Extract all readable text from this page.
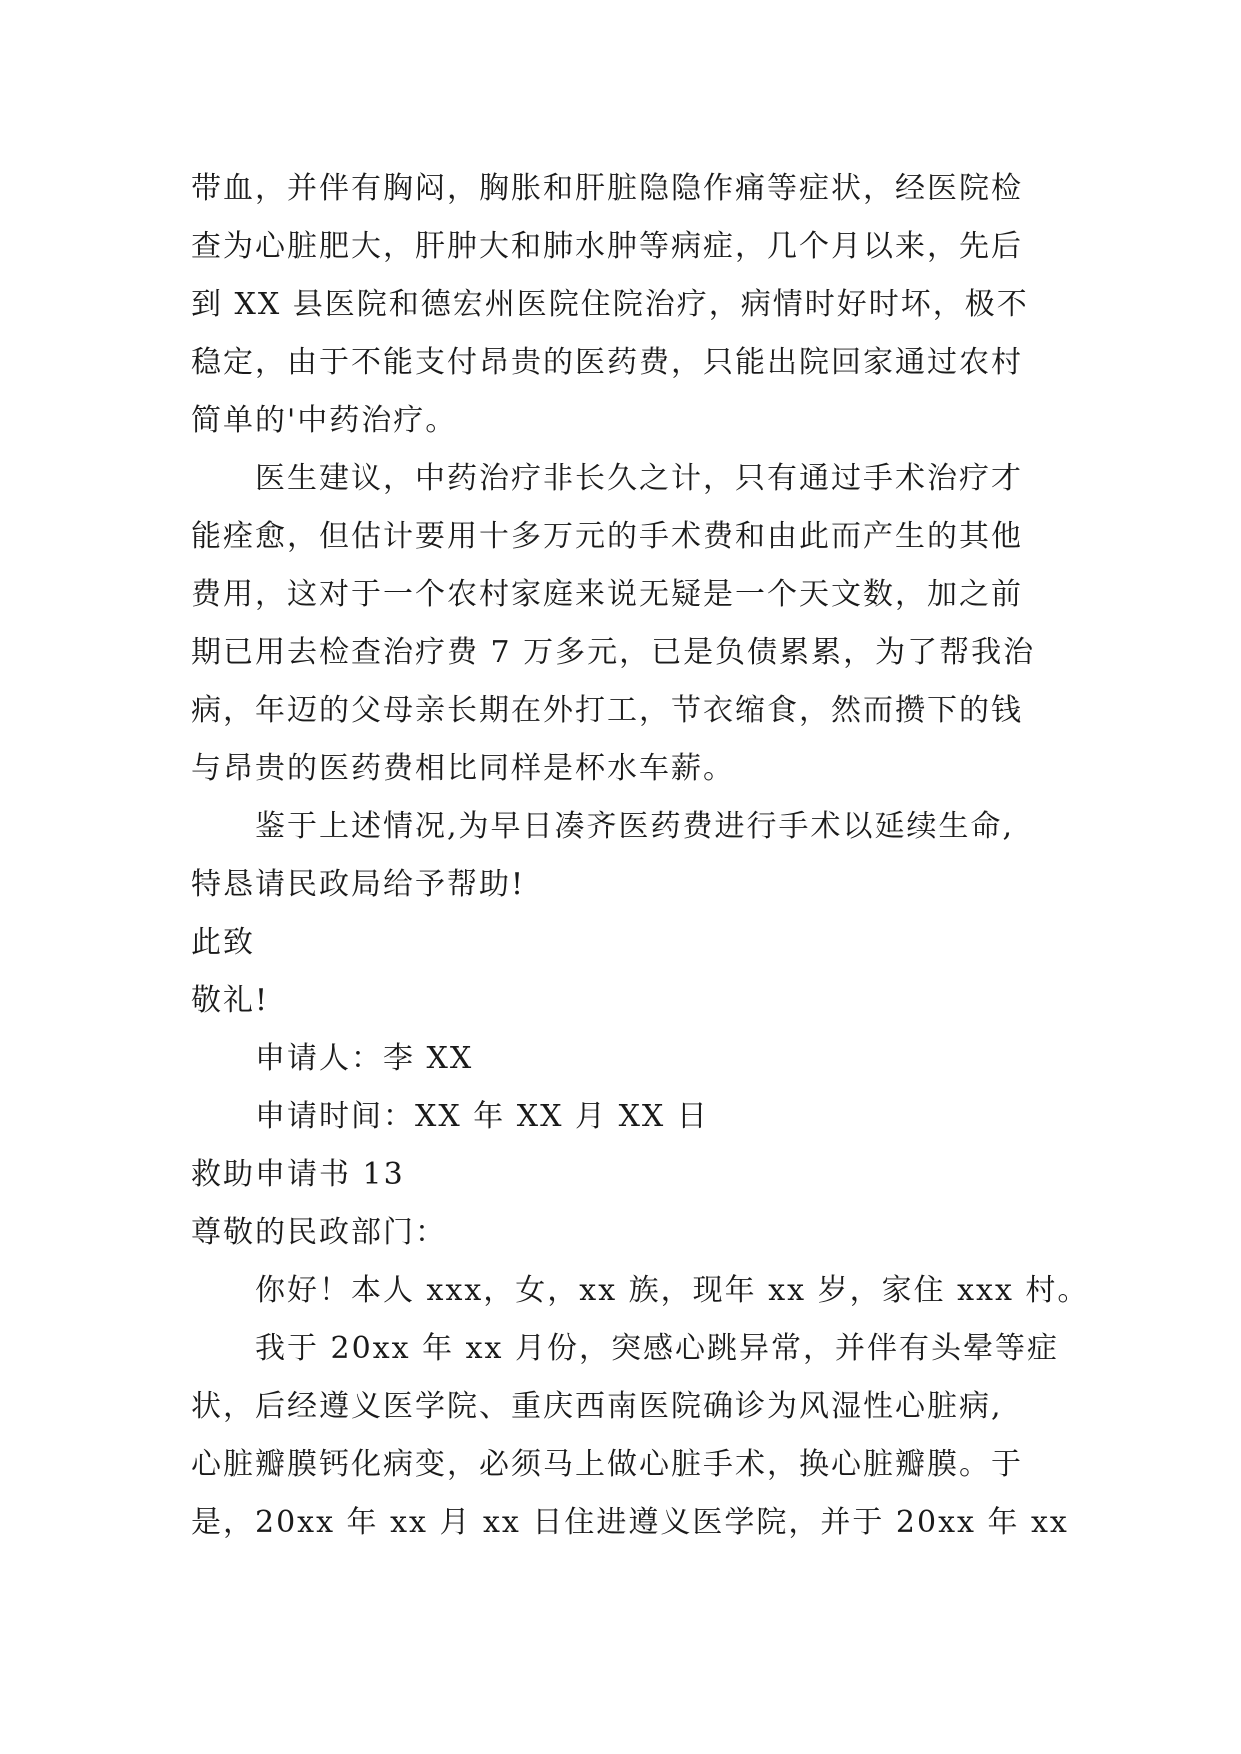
带血，并伴有胸闷，胸胀和肝脏隐隐作痛等症状，经医院检
查为心脏肥大，肝肿大和肺水肿等病症，几个月以来，先后
到 XX 县医院和德宏州医院住院治疗，病情时好时坏，极不
稳定，由于不能支付昂贵的医药费，只能出院回家通过农村
简单的'中药治疗。
医生建议，中药治疗非长久之计，只有通过手术治疗才
能痊愈，但估计要用十多万元的手术费和由此而产生的其他
费用，这对于一个农村家庭来说无疑是一个天文数，加之前
期已用去检查治疗费 7 万多元，已是负债累累，为了帮我治
病，年迈的父母亲长期在外打工，节衣缩食，然而攒下的钱
与昂贵的医药费相比同样是杯水车薪。
鉴于上述情况,为早日凑齐医药费进行手术以延续生命,
特恳请民政局给予帮助!
此致
敬礼!
申请人：李 XX
申请时间：XX 年 XX 月 XX 日
救助申请书 13
尊敬的民政部门：
你好！本人 xxx，女，xx 族，现年 xx 岁，家住 xxx 村。
我于 20xx 年 xx 月份，突感心跳异常，并伴有头晕等症
状，后经遵义医学院、重庆西南医院确诊为风湿性心脏病,
心脏瓣膜钙化病变，必须马上做心脏手术，换心脏瓣膜。于
是，20xx 年 xx 月 xx 日住进遵义医学院，并于 20xx 年 xx
